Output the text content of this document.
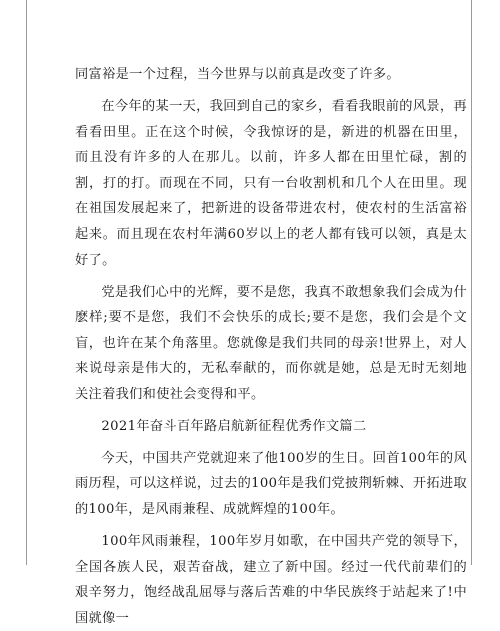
同富裕是一个过程，当今世界与以前真是改变了许多。

在今年的某一天，我回到自己的家乡，看看我眼前的风景，再看看田里。正在这个时候，令我惊讶的是，新进的机器在田里，而且没有许多的人在那儿。以前，许多人都在田里忙碌，割的割，打的打。而现在不同，只有一台收割机和几个人在田里。现在祖国发展起来了，把新进的设备带进农村，使农村的生活富裕起来。而且现在农村年满60岁以上的老人都有钱可以领，真是太好了。

党是我们心中的光辉，要不是您，我真不敢想象我们会成为什麽样;要不是您，我们不会快乐的成长;要不是您，我们会是个文盲，也许在某个角落里。您就像是我们共同的母亲!世界上，对人来说母亲是伟大的，无私奉献的，而你就是她，总是无时无刻地关注着我们和使社会变得和平。

2021年奋斗百年路启航新征程优秀作文篇二

今天，中国共产党就迎来了他100岁的生日。回首100年的风雨历程，可以这样说，过去的100年是我们党披荆斩棘、开拓进取的100年，是风雨兼程、成就辉煌的100年。

100年风雨兼程，100年岁月如歌，在中国共产党的领导下，全国各族人民，艰苦奋战，建立了新中国。经过一代代前辈们的艰辛努力，饱经战乱屈辱与落后苦难的中华民族终于站起来了!中国就像一
